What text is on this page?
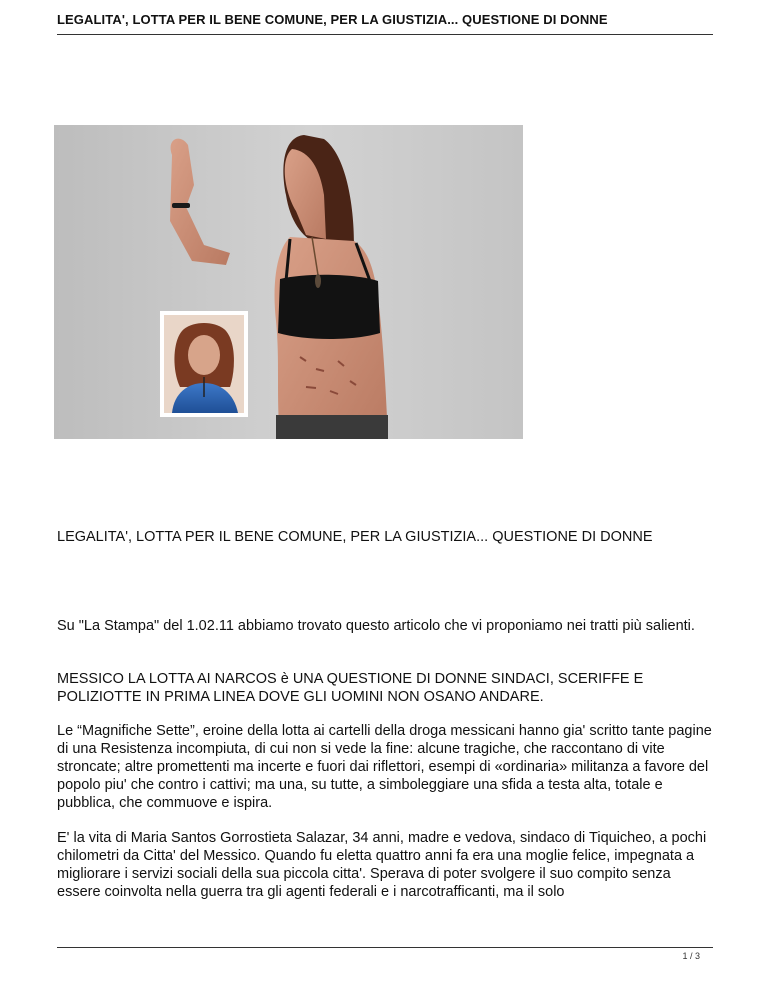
LEGALITA', LOTTA PER IL BENE COMUNE, PER LA GIUSTIZIA... QUESTIONE DI DONNE
LEGALITA', LOTTA PER IL BENE COMUNE, PER LA GIUSTIZIA... QUESTIONE DI DONNE

Su "La Stampa" del 1.02.11 abbiamo trovato questo articolo che vi proponiamo nei tratti più salienti.

MESSICO LA LOTTA AI NARCOS è UNA QUESTIONE DI DONNE SINDACI, SCERIFFE E POLIZIOTTE IN PRIMA LINEA DOVE GLI UOMINI NON OSANO ANDARE.

Le “Magnifiche Sette”, eroine della lotta ai cartelli della droga messicani hanno gia' scritto tante pagine di una Resistenza incompiuta, di cui non si vede la fine: alcune tragiche, che raccontano di vite stroncate; altre promettenti ma incerte e fuori dai riflettori, esempi di «ordinaria» militanza a favore del popolo piu' che contro i cattivi; ma una, su tutte, a simboleggiare una sfida a testa alta, totale e pubblica, che commuove e ispira.

E' la vita di Maria Santos Gorrostieta Salazar, 34 anni, madre e vedova, sindaco di Tiquicheo, a pochi chilometri da Citta' del Messico. Quando fu eletta quattro anni fa era una moglie felice, impegnata a migliorare i servizi sociali della sua piccola citta'. Sperava di poter svolgere il suo compito senza essere coinvolta nella guerra tra gli agenti federali e i narcotrafficanti, ma il solo

1 / 3
